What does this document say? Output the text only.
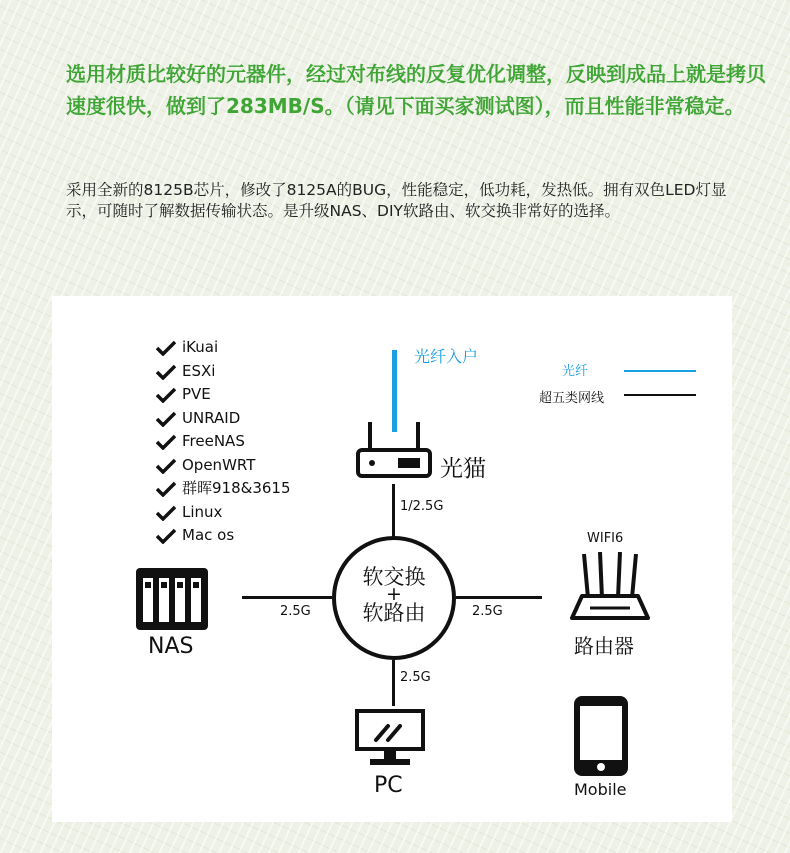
选用材质比较好的元器件，经过对布线的反复优化调整，反映到成品上就是拷贝速度很快，做到了283MB/S。（请见下面买家测试图），而且性能非常稳定。
采用全新的8125B芯片，修改了8125A的BUG，性能稳定，低功耗，发热低。拥有双色LED灯显示，可随时了解数据传输状态。是升级NAS、DIY软路由、软交换非常好的选择。
iKuai
ESXi
PVE
UNRAID
FreeNAS
OpenWRT
群晖918&3615
Linux
Mac os
光纤入户
光纤
超五类网线
1/2.5G
2.5G	2.5G
2.5G
光猫
软交换
+
软路由
NAS
WIFI6
路由器
PC	Mobile
